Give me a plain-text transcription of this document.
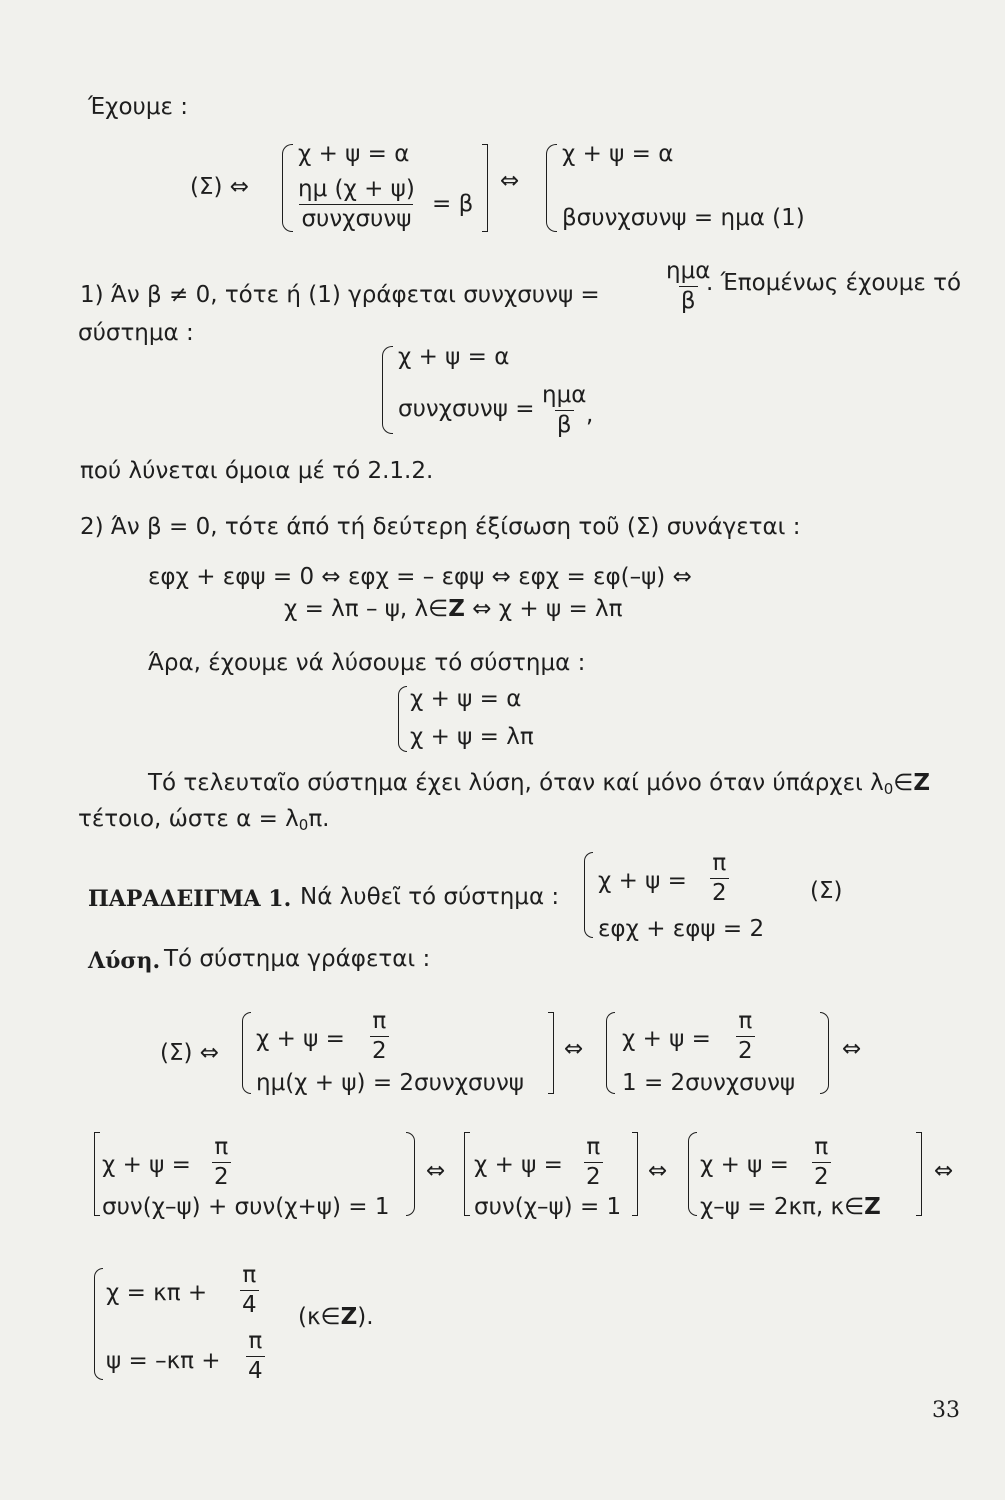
Έχουμε :
(Σ) ⇔
χ + ψ = α
ημ (χ + ψ)
συνχσυνψ
= β
⇔
χ + ψ = α
βσυνχσυνψ = ημα (1)
1) Άν β ≠ 0, τότε ή (1) γράφεται συνχσυνψ =
ημα
β
. Έπομένως έχουμε τό
σύστημα :
χ + ψ = α
συνχσυνψ =
ημα
β ,
πού λύνεται όμοια μέ τό 2.1.2.
2) Άν β = 0, τότε άπό τή δεύτερη έξίσωση τοῦ (Σ) συνάγεται :
εφχ + εφψ = 0 ⇔ εφχ = – εφψ ⇔ εφχ = εφ(–ψ) ⇔
χ = λπ – ψ, λ∈Z ⇔ χ + ψ = λπ
Άρα, έχουμε νά λύσουμε τό σύστημα :
χ + ψ = α
χ + ψ = λπ
Τό τελευταῖο σύστημα έχει λύση, όταν καί μόνο όταν ύπάρχει $\lambda_0\in Z$
τέτοιο, ώστε $\alpha = \lambda_0\pi$.
ΠΑΡΑΔΕΙΓΜΑ 1. Νά λυθεῖ τό σύστημα :
$\chi + \psi = \frac{\pi}{2}$
εφχ + εφψ = 2
(Σ)
Λύση. Τό σύστημα γράφεται :
(Σ) ⇔
$\chi + \psi = \frac{\pi}{2}$
ημ(χ + ψ) = 2συνχσυνψ
⇔ $\chi + \psi = \frac{\pi}{2}$
1 = 2συνχσυνψ
⇔
$\chi + \psi = \frac{\pi}{2}$
συν(χ–ψ) + συν(χ+ψ) = 1
⇔ $\chi + \psi = \frac{\pi}{2}$
συν(χ–ψ) = 1
⇔ $\chi + \psi = \frac{\pi}{2}$
χ–ψ = 2κπ, κ∈Z
⇔
$\chi = \kappa\pi + \frac{\pi}{4}$
$\psi = -\kappa\pi + \frac{\pi}{4}$
(κ∈Z).
33
